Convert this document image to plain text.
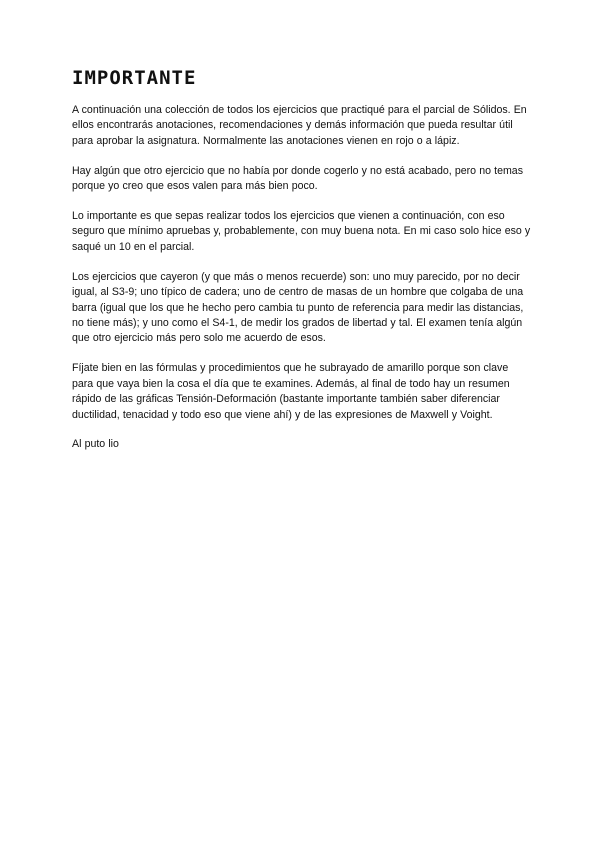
IMPORTANTE

A continuación una colección de todos los ejercicios que practiqué para el parcial de Sólidos. En ellos encontrarás anotaciones, recomendaciones y demás información que pueda resultar útil para aprobar la asignatura. Normalmente las anotaciones vienen en rojo o a lápiz.

Hay algún que otro ejercicio que no había por donde cogerlo y no está acabado, pero no temas porque yo creo que esos valen para más bien poco.

Lo importante es que sepas realizar todos los ejercicios que vienen a continuación, con eso seguro que mínimo apruebas y, probablemente, con muy buena nota. En mi caso solo hice eso y saqué un 10 en el parcial.

Los ejercicios que cayeron (y que más o menos recuerde) son: uno muy parecido, por no decir igual, al S3-9; uno típico de cadera; uno de centro de masas de un hombre que colgaba de una barra (igual que los que he hecho pero cambia tu punto de referencia para medir las distancias, no tiene más); y uno como el S4-1, de medir los grados de libertad y tal. El examen tenía algún que otro ejercicio más pero solo me acuerdo de esos.

Fíjate bien en las fórmulas y procedimientos que he subrayado de amarillo porque son clave para que vaya bien la cosa el día que te examines. Además, al final de todo hay un resumen rápido de las gráficas Tensión-Deformación (bastante importante también saber diferenciar ductilidad, tenacidad y todo eso que viene ahí) y de las expresiones de Maxwell y Voight.

Al puto lio
